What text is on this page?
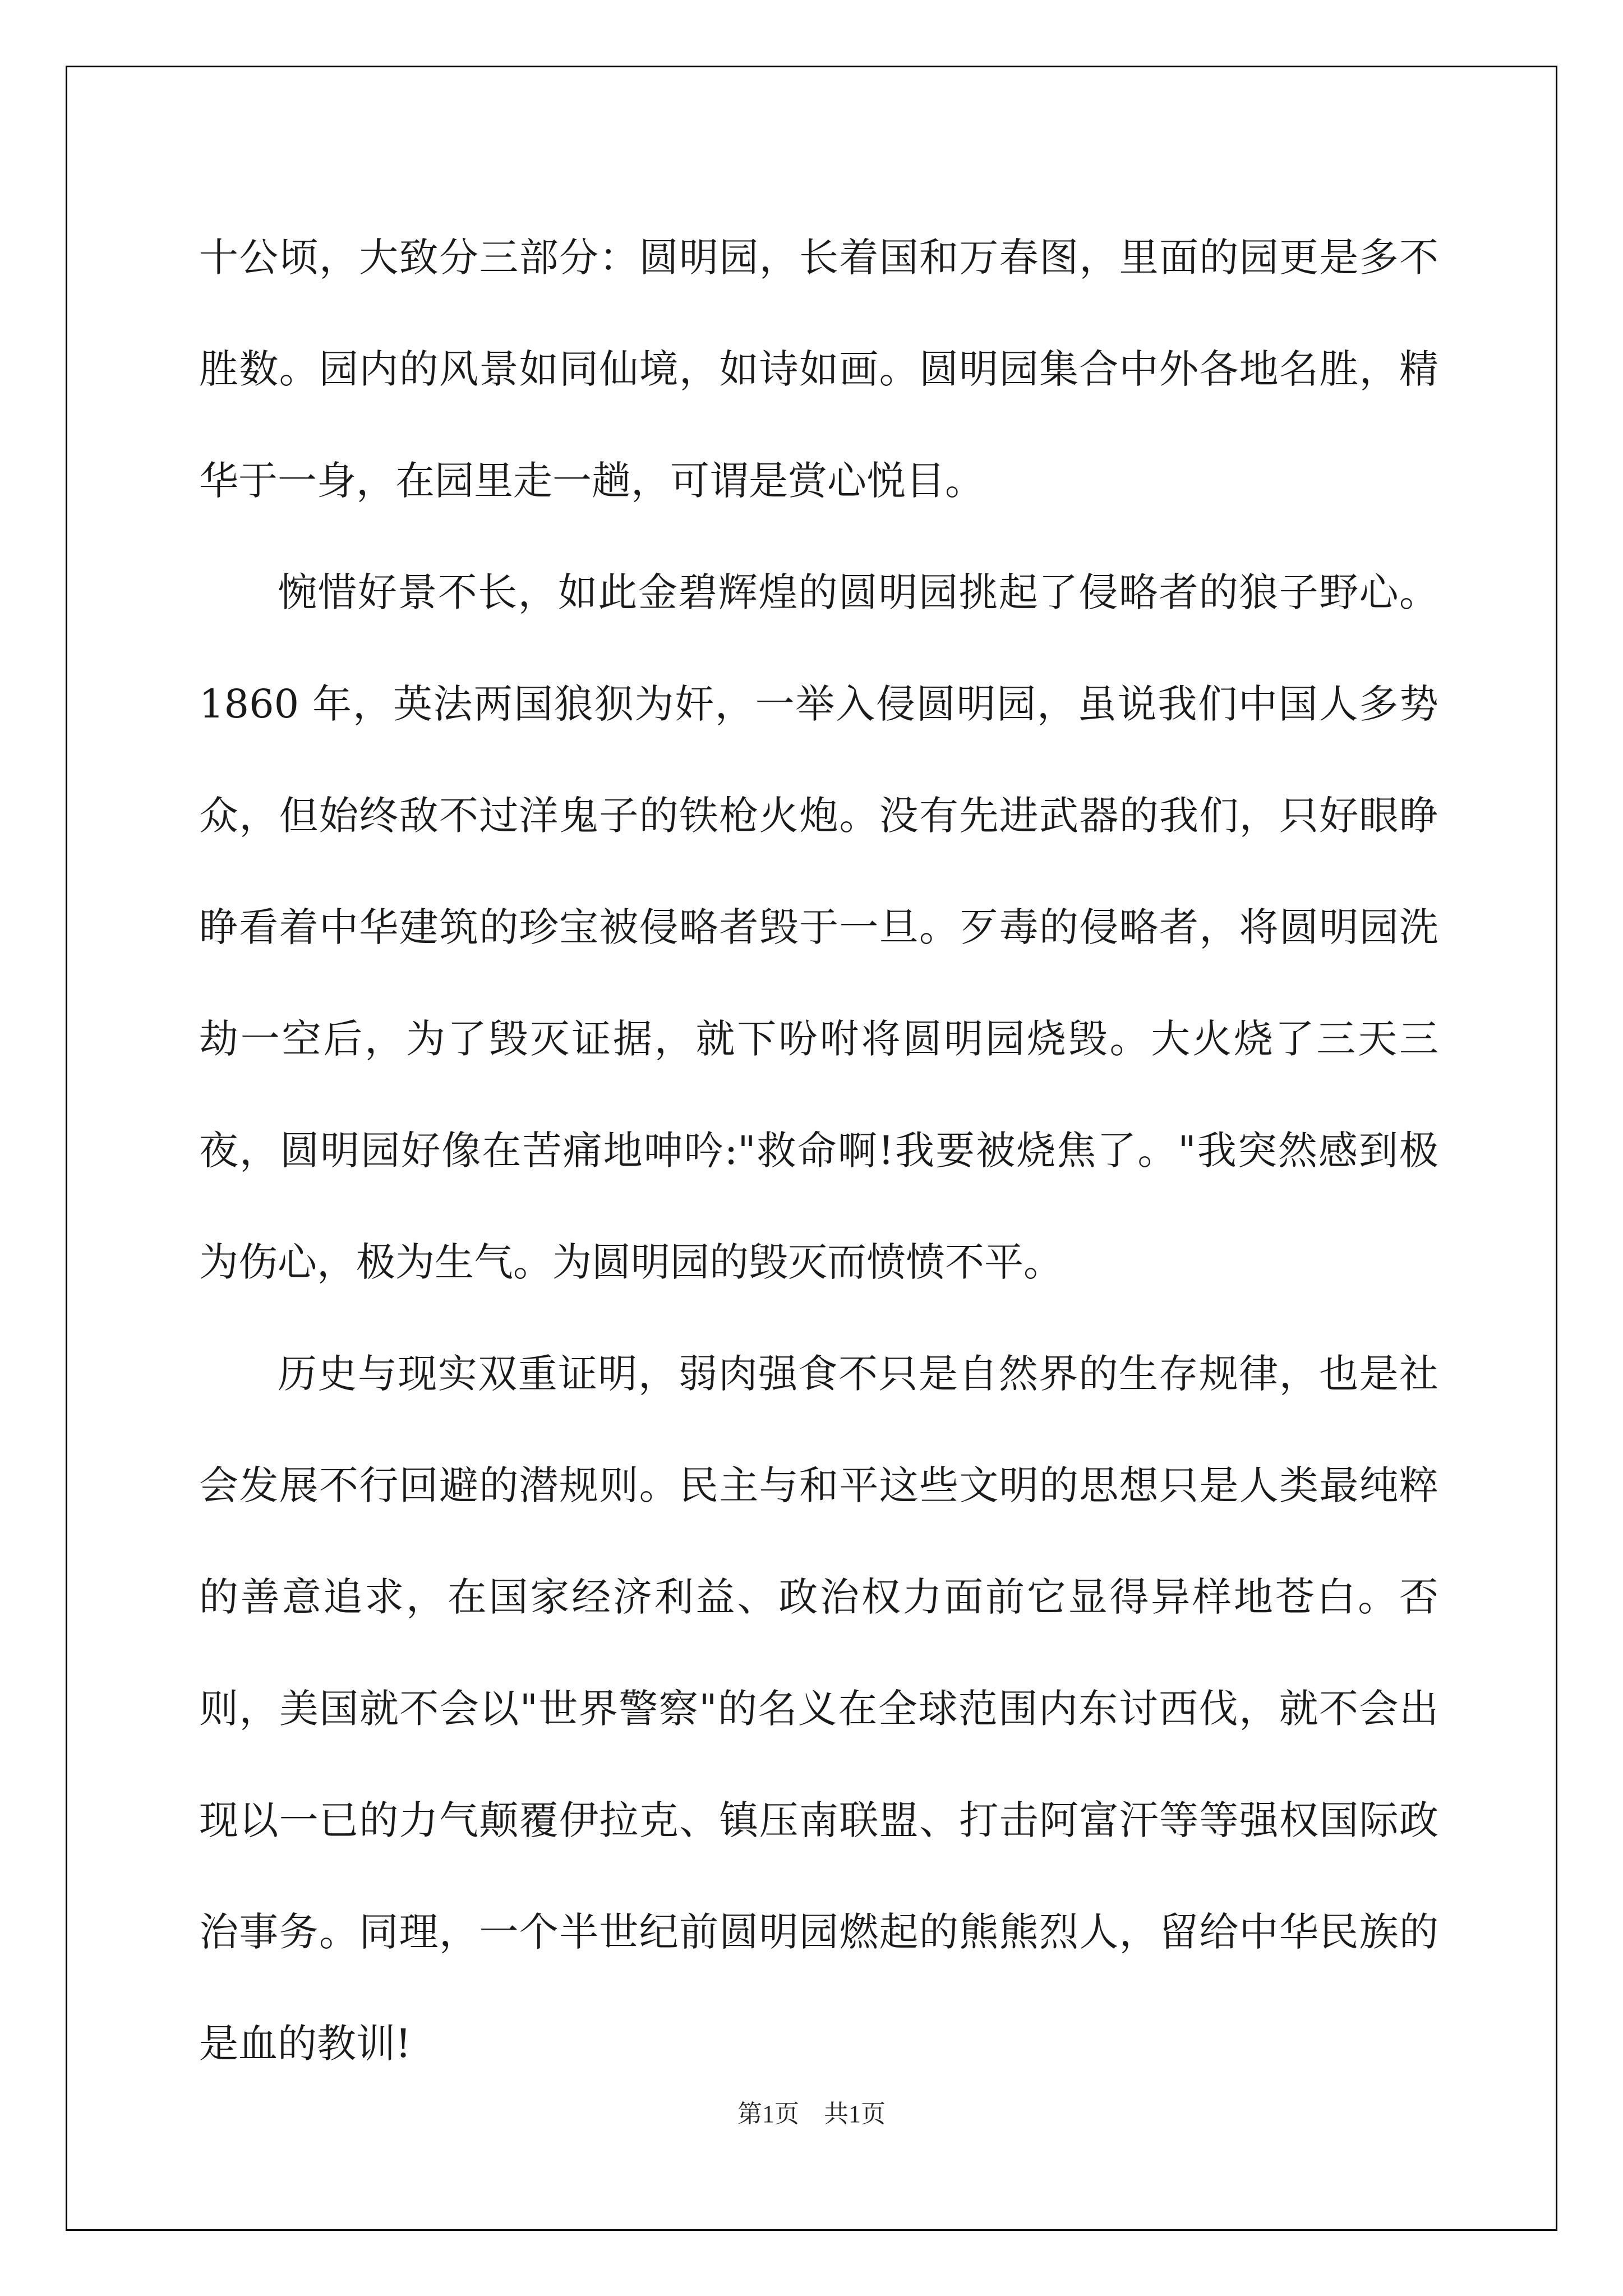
十公顷，大致分三部分：圆明园，长着国和万春图，里面的园更是多不胜数。园内的风景如同仙境，如诗如画。圆明园集合中外各地名胜，精华于一身，在园里走一趟，可谓是赏心悦目。

惋惜好景不长，如此金碧辉煌的圆明园挑起了侵略者的狼子野心。1860 年，英法两国狼狈为奸，一举入侵圆明园，虽说我们中国人多势众，但始终敌不过洋鬼子的铁枪火炮。没有先进武器的我们，只好眼睁睁看着中华建筑的珍宝被侵略者毁于一旦。歹毒的侵略者，将圆明园洗劫一空后，为了毁灭证据，就下吩咐将圆明园烧毁。大火烧了三天三夜，圆明园好像在苦痛地呻吟:"救命啊!我要被烧焦了。"我突然感到极为伤心，极为生气。为圆明园的毁灭而愤愤不平。

历史与现实双重证明，弱肉强食不只是自然界的生存规律，也是社会发展不行回避的潜规则。民主与和平这些文明的思想只是人类最纯粹的善意追求，在国家经济利益、政治权力面前它显得异样地苍白。否则，美国就不会以"世界警察"的名义在全球范围内东讨西伐，就不会出现以一已的力气颠覆伊拉克、镇压南联盟、打击阿富汗等等强权国际政治事务。同理，一个半世纪前圆明园燃起的熊熊烈人，留给中华民族的是血的教训!

第1页 共1页
